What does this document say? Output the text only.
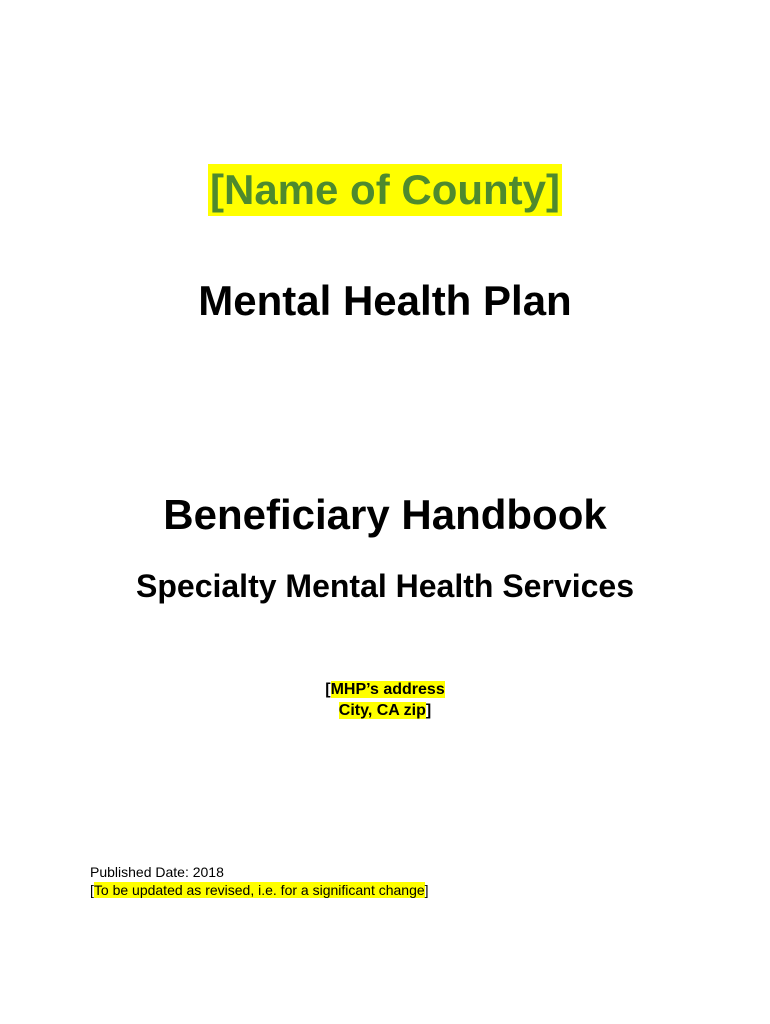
[Name of County]
Mental Health Plan
Beneficiary Handbook
Specialty Mental Health Services
[MHP’s address
City, CA zip]
Published Date: 2018
[To be updated as revised, i.e. for a significant change]
